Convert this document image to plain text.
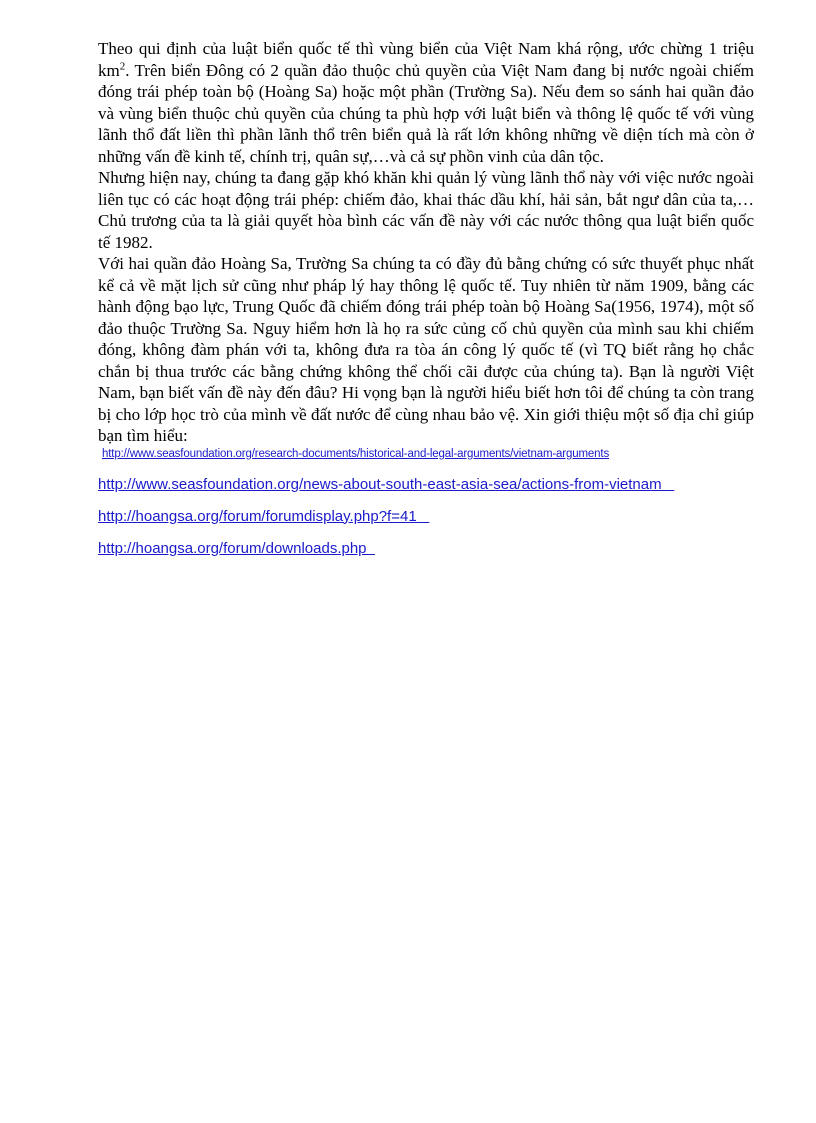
Theo qui định của luật biển quốc tế thì vùng biển của Việt Nam khá rộng, ước chừng 1 triệu $km^2$. Trên biển Đông có 2 quần đảo thuộc chủ quyền của Việt Nam đang bị nước ngoài chiếm đóng trái phép toàn bộ (Hoàng Sa) hoặc một phần (Trường Sa). Nếu đem so sánh hai quần đảo và vùng biển thuộc chủ quyền của chúng ta phù hợp với luật biển và thông lệ quốc tế với vùng lãnh thổ đất liền thì phần lãnh thổ trên biển quả là rất lớn không những về diện tích mà còn ở những vấn đề kinh tế, chính trị, quân sự,…và cả sự phồn vinh của dân tộc.

Nhưng hiện nay, chúng ta đang gặp khó khăn khi quản lý vùng lãnh thổ này với việc nước ngoài liên tục có các hoạt động trái phép: chiếm đảo, khai thác dầu khí, hải sản, bắt ngư dân của ta,… Chủ trương của ta là giải quyết hòa bình các vấn đề này với các nước thông qua luật biển quốc tế 1982.

Với hai quần đảo Hoàng Sa, Trường Sa chúng ta có đầy đủ bằng chứng có sức thuyết phục nhất kể cả về mặt lịch sử cũng như pháp lý hay thông lệ quốc tế. Tuy nhiên từ năm 1909, bằng các hành động bạo lực, Trung Quốc đã chiếm đóng trái phép toàn bộ Hoàng Sa(1956, 1974), một số đảo thuộc Trường Sa. Nguy hiểm hơn là họ ra sức củng cố chủ quyền của mình sau khi chiếm đóng, không đàm phán với ta, không đưa ra tòa án công lý quốc tế (vì TQ biết rằng họ chắc chắn bị thua trước các bằng chứng không thể chối cãi được của chúng ta). Bạn là người Việt Nam, bạn biết vấn đề này đến đâu? Hi vọng bạn là người hiểu biết hơn tôi để chúng ta còn trang bị cho lớp học trò của mình về đất nước để cùng nhau bảo vệ. Xin giới thiệu một số địa chỉ giúp bạn tìm hiểu:

http://www.seasfoundation.org/research-documents/historical-and-legal-arguments/vietnam-arguments
http://www.seasfoundation.org/news-about-south-east-asia-sea/actions-from-vietnam
http://hoangsa.org/forum/forumdisplay.php?f=41
http://hoangsa.org/forum/downloads.php
